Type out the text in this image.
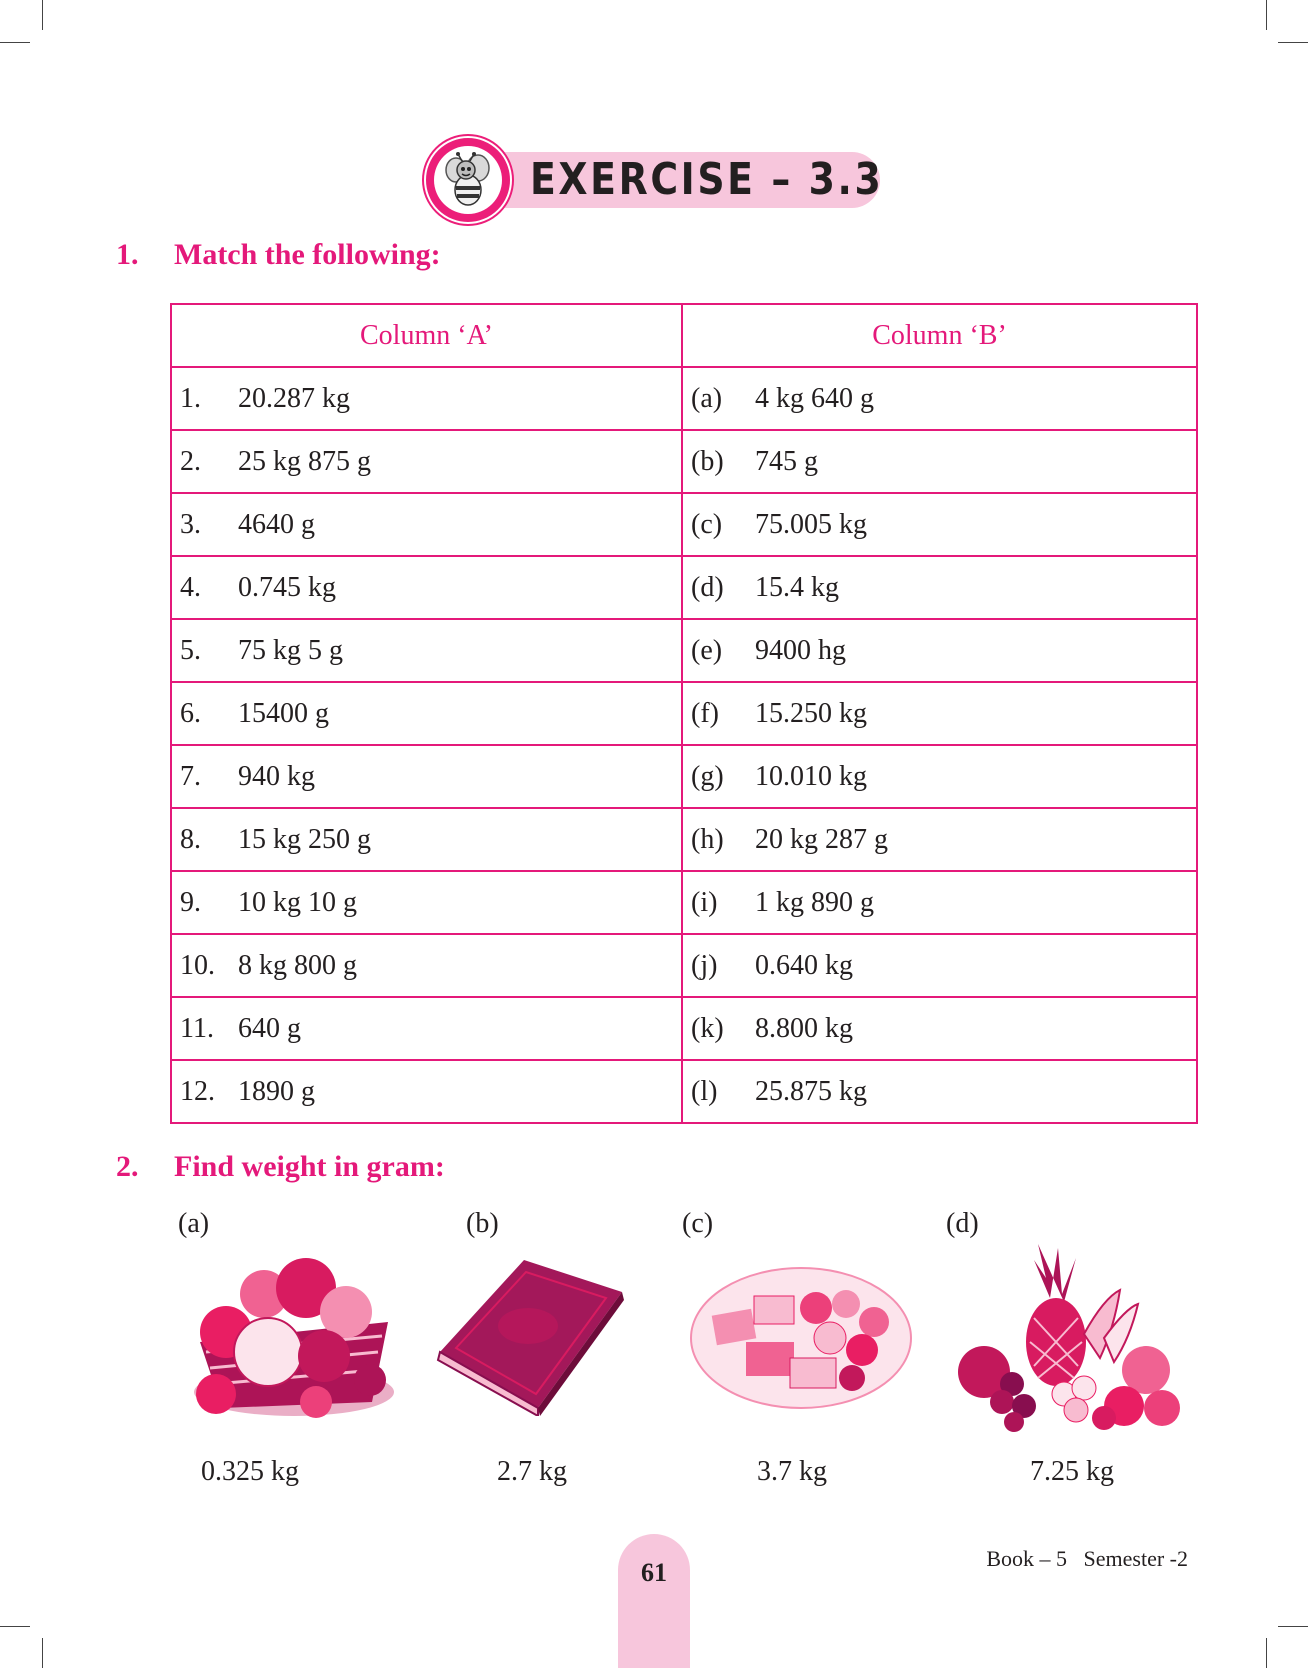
EXERCISE – 3.3
1. Match the following:
Column ‘A’	Column ‘B’
1. 20.287 kg	(a) 4 kg 640 g
2. 25 kg 875 g	(b) 745 g
3. 4640 g	(c) 75.005 kg
4. 0.745 kg	(d) 15.4 kg
5. 75 kg 5 g	(e) 9400 hg
6. 15400 g	(f) 15.250 kg
7. 940 kg	(g) 10.010 kg
8. 15 kg 250 g	(h) 20 kg 287 g
9. 10 kg 10 g	(i) 1 kg 890 g
10. 8 kg 800 g	(j) 0.640 kg
11. 640 g	(k) 8.800 kg
12. 1890 g	(l) 25.875 kg
2. Find weight in gram:
(a)
0.325 kg
(b)
2.7 kg
(c)
3.7 kg
(d)
7.25 kg
61	Book – 5 Semester -2
